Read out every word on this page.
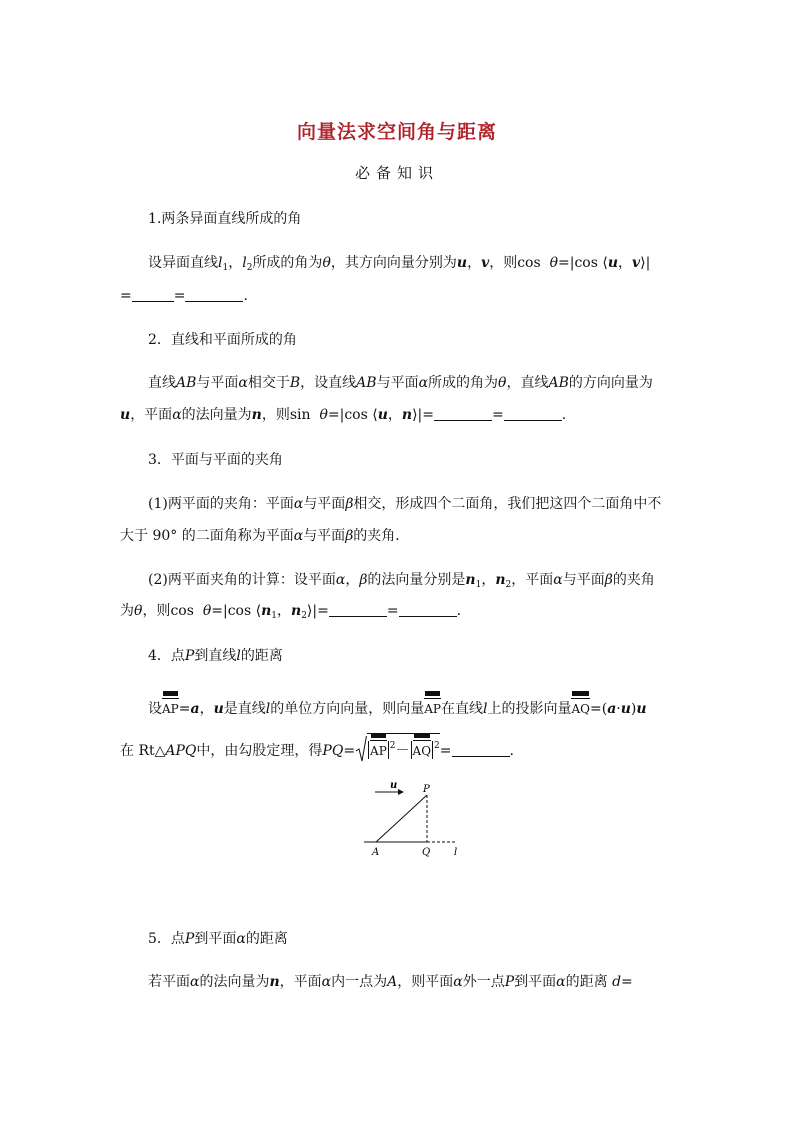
向量法求空间角与距离
必备知识
1.两条异面直线所成的角
设异面直线$l_1$，$l_2$所成的角为θ，其方向向量分别为u，v，则cos θ=|cos ⟨u，v⟩|
=	=	.
2．直线和平面所成的角
直线AB与平面α相交于B，设直线AB与平面α所成的角为θ，直线AB的方向向量为
u，平面α的法向量为n，则sin θ=|cos ⟨u，n⟩|=	=	.
3．平面与平面的夹角
(1)两平面的夹角：平面α与平面β相交，形成四个二面角，我们把这四个二面角中不
大于 90° 的二面角称为平面α与平面β的夹角．
(2)两平面夹角的计算：设平面α，β的法向量分别是$n_1$，$n_2$，平面α与平面β的夹角
为θ，则cos θ=|cos $⟨n_1$，$n_2⟩|=$	=	.
4．点P到直线l的距离
设AP=a，u是直线l的单位方向向量，则向量AP在直线l上的投影向量AQ=(a·u)u
在 Rt△APQ中，由勾股定理，得PQ= AP $^2$－ AQ $^2$=	.
u	P
A	Q l
5．点P到平面α的距离
若平面α的法向量为n，平面α内一点为A，则平面α外一点P到平面α的距离 d=
